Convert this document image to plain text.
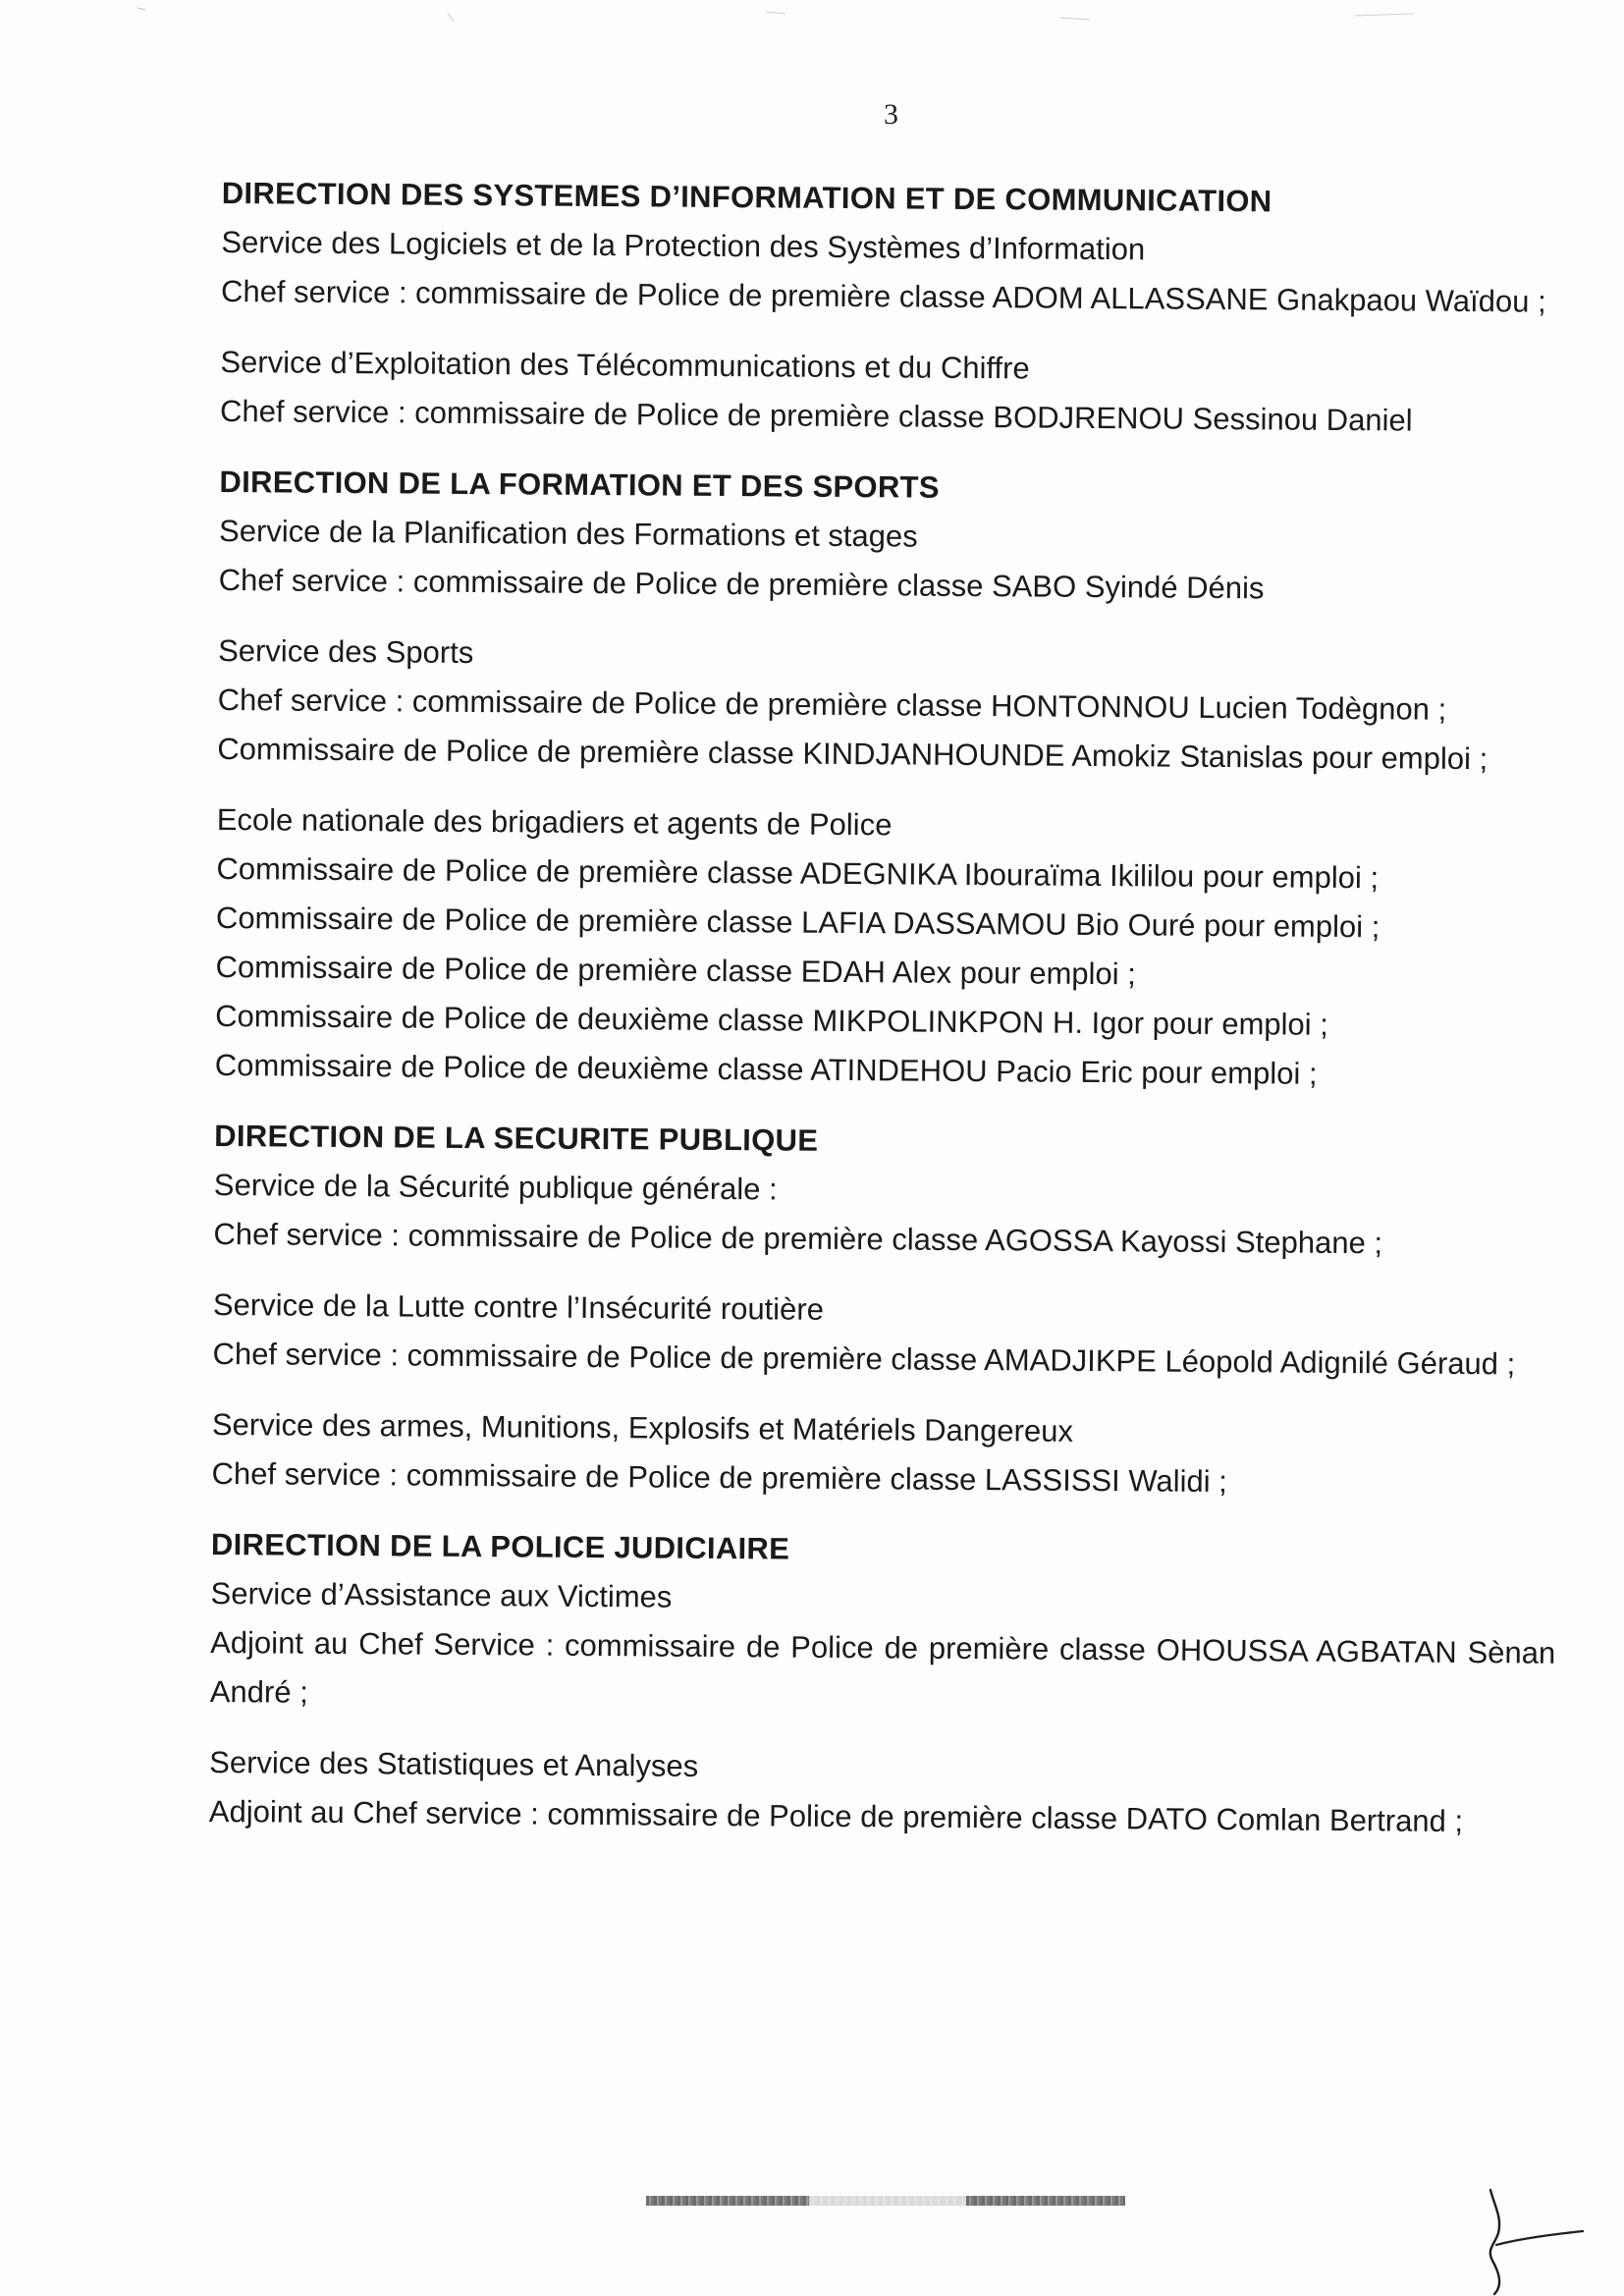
3
DIRECTION DES SYSTEMES D’INFORMATION ET DE COMMUNICATION
Service des Logiciels et de la Protection des Systèmes d’Information
Chef service : commissaire de Police de première classe ADOM ALLASSANE Gnakpaou Waïdou ;
Service d’Exploitation des Télécommunications et du Chiffre
Chef service : commissaire de Police de première classe BODJRENOU Sessinou Daniel
DIRECTION DE LA FORMATION ET DES SPORTS
Service de la Planification des Formations et stages
Chef service : commissaire de Police de première classe SABO Syindé Dénis
Service des Sports
Chef service : commissaire de Police de première classe HONTONNOU Lucien Todègnon ;
Commissaire de Police de première classe KINDJANHOUNDE Amokiz Stanislas pour emploi ;
Ecole nationale des brigadiers et agents de Police
Commissaire de Police de première classe ADEGNIKA Ibouraïma Ikililou pour emploi ;
Commissaire de Police de première classe LAFIA DASSAMOU Bio Ouré pour emploi ;
Commissaire de Police de première classe EDAH Alex pour emploi ;
Commissaire de Police de deuxième classe MIKPOLINKPON H. Igor pour emploi ;
Commissaire de Police de deuxième classe ATINDEHOU Pacio Eric pour emploi ;
DIRECTION DE LA SECURITE PUBLIQUE
Service de la Sécurité publique générale :
Chef service : commissaire de Police de première classe AGOSSA Kayossi Stephane ;
Service de la Lutte contre l’Insécurité routière
Chef service : commissaire de Police de première classe AMADJIKPE Léopold Adignilé Géraud ;
Service des armes, Munitions, Explosifs et Matériels Dangereux
Chef service : commissaire de Police de première classe LASSISSI Walidi ;
DIRECTION DE LA POLICE JUDICIAIRE
Service d’Assistance aux Victimes
Adjoint au Chef Service : commissaire de Police de première classe OHOUSSA AGBATAN Sènan André ;
Service des Statistiques et Analyses
Adjoint au Chef service : commissaire de Police de première classe DATO Comlan Bertrand ;
